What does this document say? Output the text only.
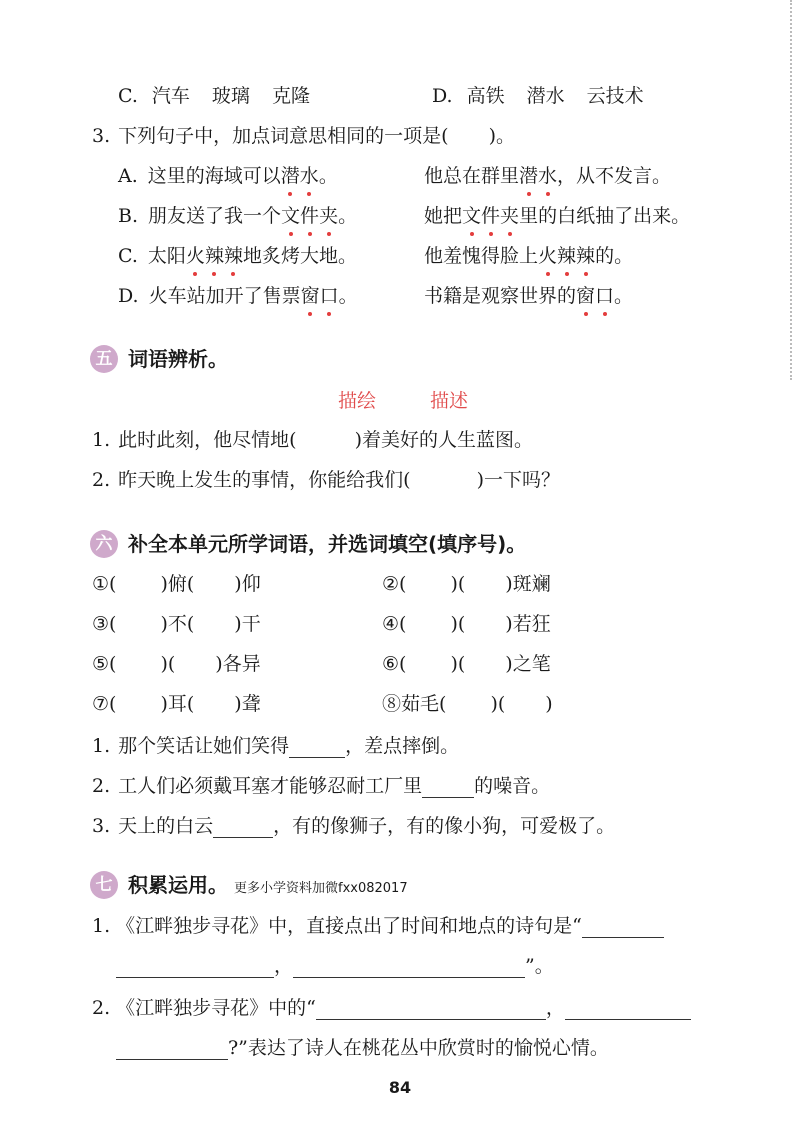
C. 汽车 玻璃 克隆	D. 高铁 潜水 云技术
3. 下列句子中，加点词意思相同的一项是( )。
A. 这里的海域可以潜水。	他总在群里潜水，从不发言。
B. 朋友送了我一个文件夹。	她把文件夹里的白纸抽了出来。
C. 太阳火辣辣地炙烤大地。	他羞愧得脸上火辣辣的。
D. 火车站加开了售票窗口。	书籍是观察世界的窗口。
五 词语辨析。
描绘	描述
1. 此时此刻，他尽情地(	)着美好的人生蓝图。
2. 昨天晚上发生的事情，你能给我们(	)一下吗？
六 补全本单元所学词语，并选词填空(填序号)。
①( )俯( )仰	②( )( )斑斓
③( )不( )干	④( )( )若狂
⑤( )( )各异	⑥( )( )之笔
⑦( )耳( )聋	⑧茹毛( )( )
1. 那个笑话让她们笑得	，差点摔倒。
2. 工人们必须戴耳塞才能够忍耐工厂里	的噪音。
3. 天上的白云	，有的像狮子，有的像小狗，可爱极了。
七 积累运用。 更多小学资料加微fxx082017
1. 《江畔独步寻花》中，直接点出了时间和地点的诗句是“
，	”。
2. 《江畔独步寻花》中的“	，
?”表达了诗人在桃花丛中欣赏时的愉悦心情。
84
